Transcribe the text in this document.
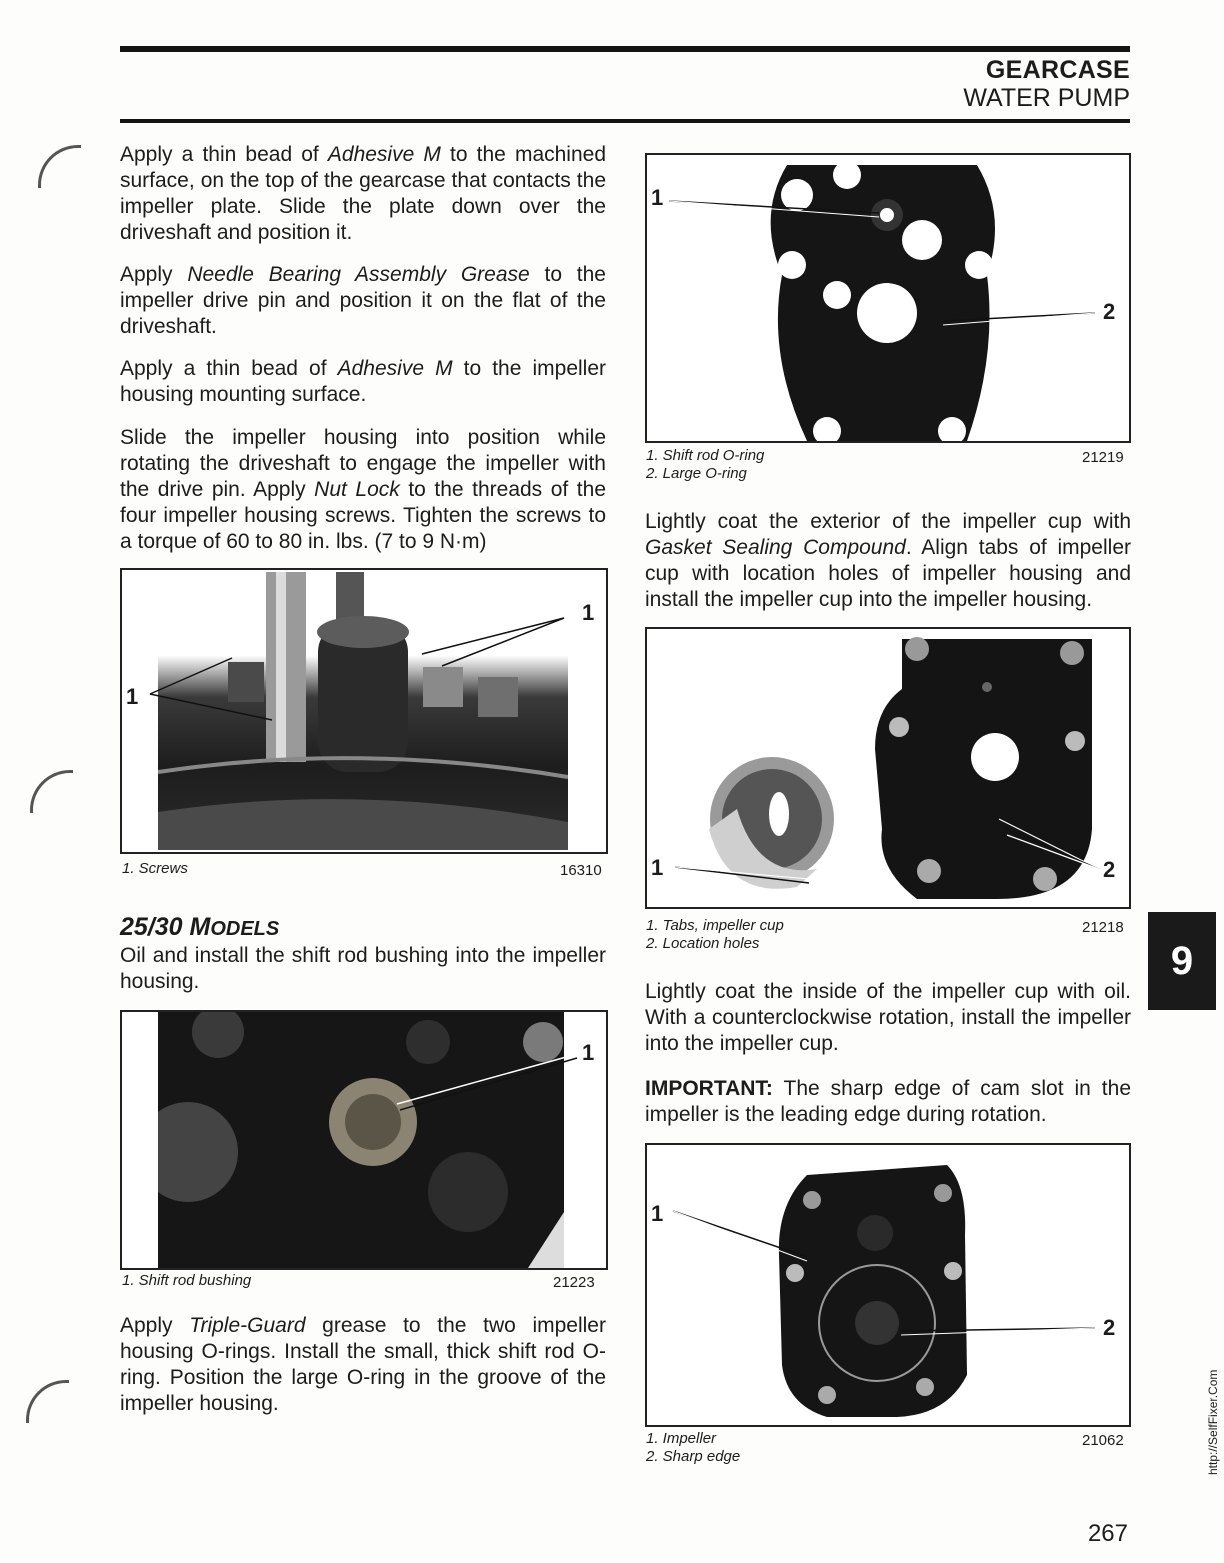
GEARCASE
WATER PUMP

Apply a thin bead of Adhesive M to the machined surface, on the top of the gearcase that contacts the impeller plate. Slide the plate down over the driveshaft and position it.

Apply Needle Bearing Assembly Grease to the impeller drive pin and position it on the flat of the driveshaft.

Apply a thin bead of Adhesive M to the impeller housing mounting surface.

Slide the impeller housing into position while rotating the driveshaft to engage the impeller with the drive pin. Apply Nut Lock to the threads of the four impeller housing screws. Tighten the screws to a torque of 60 to 80 in. lbs. (7 to 9 N·m)

1
1
1. Screws	16310
25/30 MODELS

Oil and install the shift rod bushing into the impeller housing.

1
1. Shift rod bushing	21223

Apply Triple-Guard grease to the two impeller housing O-rings. Install the small, thick shift rod O-ring. Position the large O-ring in the groove of the impeller housing.

1
2
1. Shift rod O-ring
2. Large O-ring
21219

Lightly coat the exterior of the impeller cup with Gasket Sealing Compound. Align tabs of impeller cup with location holes of impeller housing and install the impeller cup into the impeller housing.

1	2
1. Tabs, impeller cup
2. Location holes
21218

Lightly coat the inside of the impeller cup with oil. With a counterclockwise rotation, install the impeller into the impeller cup.

IMPORTANT: The sharp edge of cam slot in the impeller is the leading edge during rotation.

1
2
1. Impeller
2. Sharp edge
21062
9
http://SelfFixer.Com
267
